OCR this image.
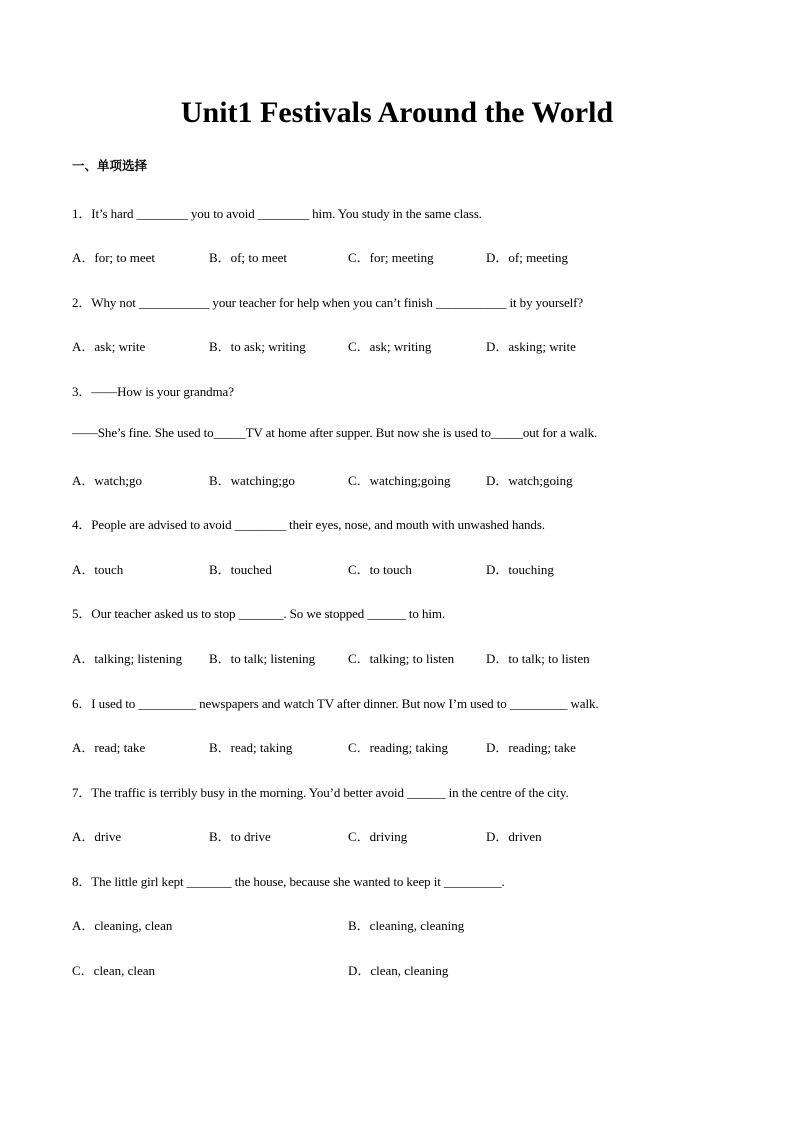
Unit1 Festivals Around the World
一、单项选择
1．It’s hard ________ you to avoid ________ him. You study in the same class.
A．for; to meet	B．of; to meet	C．for; meeting	D．of; meeting
2．Why not ___________ your teacher for help when you can’t finish ___________ it by yourself?
A．ask; write	B．to ask; writing	C．ask; writing	D．asking; write
3．——How is your grandma?
——She’s fine. She used to_____TV at home after supper. But now she is used to_____out for a walk.
A．watch;go	B．watching;go	C．watching;going	D．watch;going
4．People are advised to avoid ________ their eyes, nose, and mouth with unwashed hands.
A．touch	B．touched	C．to touch	D．touching
5．Our teacher asked us to stop _______. So we stopped ______ to him.
A．talking; listening B．to talk; listening	C．talking; to listen D．to talk; to listen
6．I used to _________ newspapers and watch TV after dinner. But now I’m used to _________ walk.
A．read; take	B．read; taking	C．reading; taking	D．reading; take
7．The traffic is terribly busy in the morning. You’d better avoid ______ in the centre of the city.
A．drive	B．to drive	C．driving	D．driven
8．The little girl kept _______ the house, because she wanted to keep it _________.
A．cleaning, clean	B．cleaning, cleaning
C．clean, clean	D．clean, cleaning
